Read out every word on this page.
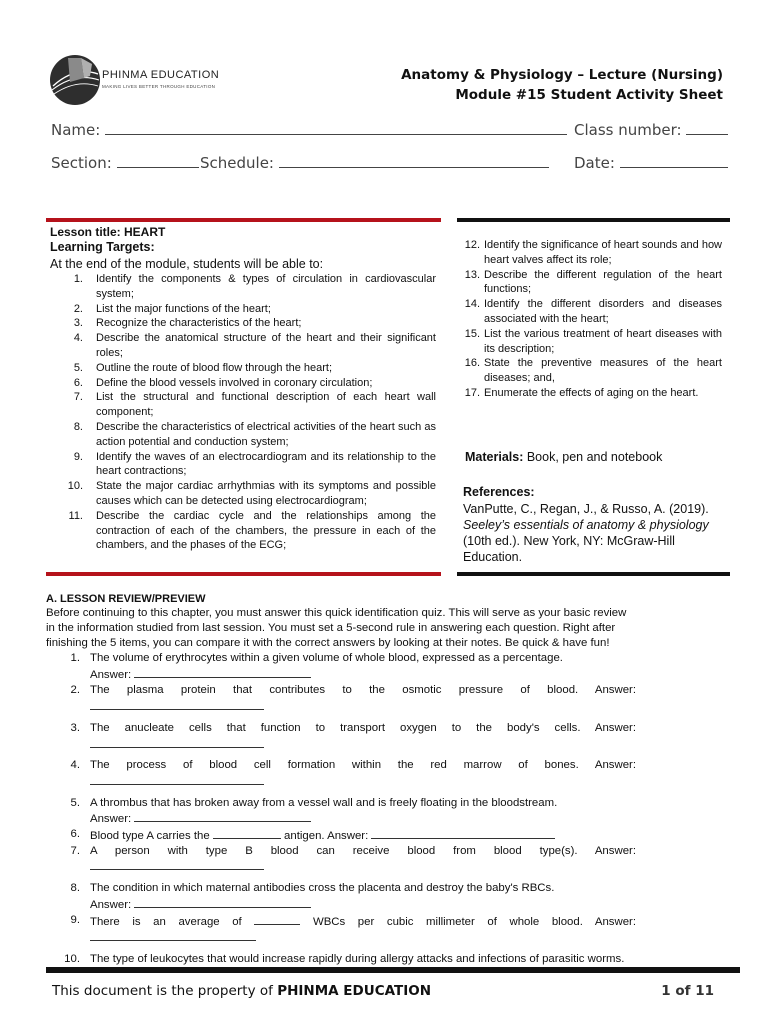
PHINMA EDUCATION
MAKING LIVES BETTER THROUGH EDUCATION
Anatomy & Physiology – Lecture (Nursing)
Module #15 Student Activity Sheet
Name:	Class number:
Section:	Schedule:	Date:
Lesson title: HEART
Learning Targets:
At the end of the module, students will be able to:
1. Identify the components & types of circulation in cardiovascular system;
2. List the major functions of the heart;
3. Recognize the characteristics of the heart;
4. Describe the anatomical structure of the heart and their significant roles;
5. Outline the route of blood flow through the heart;
6. Define the blood vessels involved in coronary circulation;
7. List the structural and functional description of each heart wall component;
8. Describe the characteristics of electrical activities of the heart such as action potential and conduction system;
9. Identify the waves of an electrocardiogram and its relationship to the heart contractions;
10. State the major cardiac arrhythmias with its symptoms and possible causes which can be detected using electrocardiogram;
11. Describe the cardiac cycle and the relationships among the contraction of each of the chambers, the pressure in each of the chambers, and the phases of the ECG;
12. Identify the significance of heart sounds and how heart valves affect its role;
13. Describe the different regulation of the heart functions;
14. Identify the different disorders and diseases associated with the heart;
15. List the various treatment of heart diseases with its description;
16. State the preventive measures of the heart diseases; and,
17. Enumerate the effects of aging on the heart.
Materials: Book, pen and notebook
References:
VanPutte, C., Regan, J., & Russo, A. (2019). Seeley’s essentials of anatomy & physiology (10th ed.). New York, NY: McGraw-Hill Education.
A. LESSON REVIEW/PREVIEW
Before continuing to this chapter, you must answer this quick identification quiz. This will serve as your basic review in the information studied from last session. You must set a 5-second rule in answering each question. Right after finishing the 5 items, you can compare it with the correct answers by looking at their notes. Be quick & have fun!
1. The volume of erythrocytes within a given volume of whole blood, expressed as a percentage.
Answer:
2. The plasma protein that contributes to the osmotic pressure of blood. Answer:
3. The anucleate cells that function to transport oxygen to the body's cells. Answer:
4. The process of blood cell formation within the red marrow of bones. Answer:
5. A thrombus that has broken away from a vessel wall and is freely floating in the bloodstream.
Answer:
6. Blood type A carries the	antigen. Answer:
7. A person with type B blood can receive blood from blood type(s). Answer:
8. The condition in which maternal antibodies cross the placenta and destroy the baby's RBCs.
Answer:
9. There is an average of	WBCs per cubic millimeter of whole blood. Answer:
10. The type of leukocytes that would increase rapidly during allergy attacks and infections of parasitic worms.
This document is the property of PHINMA EDUCATION	1 of 11
